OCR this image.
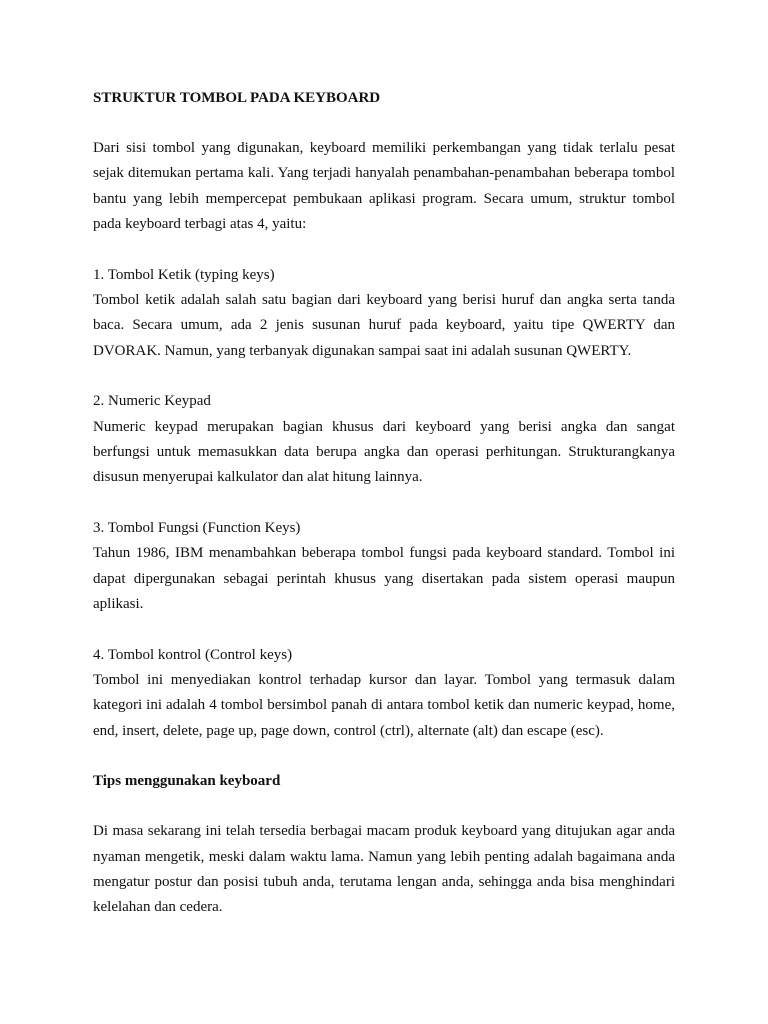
STRUKTUR TOMBOL PADA KEYBOARD

Dari sisi tombol yang digunakan, keyboard memiliki perkembangan yang tidak terlalu pesat sejak ditemukan pertama kali. Yang terjadi hanyalah penambahan-penambahan beberapa tombol bantu yang lebih mempercepat pembukaan aplikasi program. Secara umum, struktur tombol pada keyboard terbagi atas 4, yaitu:

1. Tombol Ketik (typing keys)

Tombol ketik adalah salah satu bagian dari keyboard yang berisi huruf dan angka serta tanda baca. Secara umum, ada 2 jenis susunan huruf pada keyboard, yaitu tipe QWERTY dan DVORAK. Namun, yang terbanyak digunakan sampai saat ini adalah susunan QWERTY.

2. Numeric Keypad

Numeric keypad merupakan bagian khusus dari keyboard yang berisi angka dan sangat berfungsi untuk memasukkan data berupa angka dan operasi perhitungan. Strukturangkanya disusun menyerupai kalkulator dan alat hitung lainnya.

3. Tombol Fungsi (Function Keys)

Tahun 1986, IBM menambahkan beberapa tombol fungsi pada keyboard standard. Tombol ini dapat dipergunakan sebagai perintah khusus yang disertakan pada sistem operasi maupun aplikasi.

4. Tombol kontrol (Control keys)

Tombol ini menyediakan kontrol terhadap kursor dan layar. Tombol yang termasuk dalam kategori ini adalah 4 tombol bersimbol panah di antara tombol ketik dan numeric keypad, home, end, insert, delete, page up, page down, control (ctrl), alternate (alt) dan escape (esc).

Tips menggunakan keyboard

Di masa sekarang ini telah tersedia berbagai macam produk keyboard yang ditujukan agar anda nyaman mengetik, meski dalam waktu lama. Namun yang lebih penting adalah bagaimana anda mengatur postur dan posisi tubuh anda, terutama lengan anda, sehingga anda bisa menghindari kelelahan dan cedera.
